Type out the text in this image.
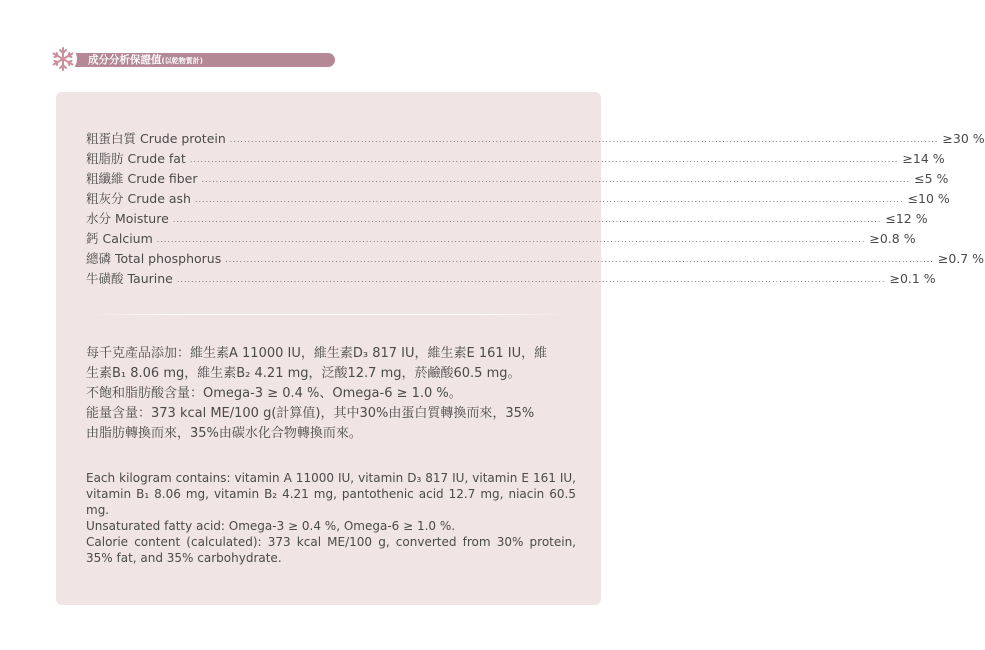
成分分析保證值(以乾物質計)
粗蛋白質 Crude protein ........................................................................................................................................................................................................ ≥ 30 %
粗脂肪 Crude fat ........................................................................................................................................................................................................ ≥ 14 %
粗纖維 Crude fiber ........................................................................................................................................................................................................ ≤ 5 %
粗灰分 Crude ash ........................................................................................................................................................................................................ ≤ 10 %
水分 Moisture ........................................................................................................................................................................................................ ≤ 12 %
鈣 Calcium ........................................................................................................................................................................................................ ≥ 0.8 %
總磷 Total phosphorus ........................................................................................................................................................................................................ ≥ 0.7 %
牛磺酸 Taurine ........................................................................................................................................................................................................ ≥ 0.1 %

每千克產品添加：維生素A 11000 IU，維生素D₃ 817 IU，維生素E 161 IU，維

生素B₁ 8.06 mg，維生素B₂ 4.21 mg，泛酸12.7 mg，菸鹼酸60.5 mg。

不飽和脂肪酸含量：Omega-3 ≥ 0.4 %、Omega-6 ≥ 1.0 %。

能量含量：373 kcal ME/100 g(計算值)，其中30%由蛋白質轉換而來，35%

由脂肪轉換而來，35%由碳水化合物轉換而來。

Each kilogram contains: vitamin A 11000 IU, vitamin D₃ 817 IU, vitamin E 161 IU, vitamin B₁ 8.06 mg, vitamin B₂ 4.21 mg, pantothenic acid 12.7 mg, niacin 60.5 mg.

Unsaturated fatty acid: Omega-3 ≥ 0.4 %, Omega-6 ≥ 1.0 %.

Calorie content (calculated): 373 kcal ME/100 g, converted from 30% protein, 35% fat, and 35% carbohydrate.
